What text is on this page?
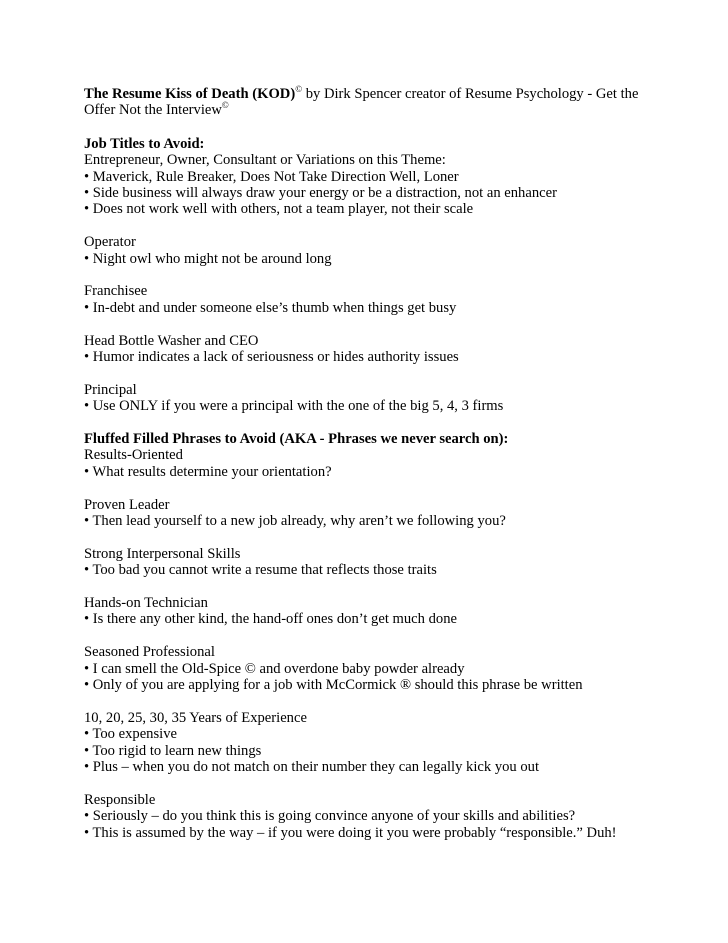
The Resume Kiss of Death (KOD)© by Dirk Spencer creator of Resume Psychology - Get the
Offer Not the Interview©

Job Titles to Avoid:

Entrepreneur, Owner, Consultant or Variations on this Theme:

• Maverick, Rule Breaker, Does Not Take Direction Well, Loner

• Side business will always draw your energy or be a distraction, not an enhancer

• Does not work well with others, not a team player, not their scale

Operator

• Night owl who might not be around long

Franchisee

• In-debt and under someone else’s thumb when things get busy

Head Bottle Washer and CEO

• Humor indicates a lack of seriousness or hides authority issues

Principal

• Use ONLY if you were a principal with the one of the big 5, 4, 3 firms

Fluffed Filled Phrases to Avoid (AKA - Phrases we never search on):

Results-Oriented

• What results determine your orientation?

Proven Leader

• Then lead yourself to a new job already, why aren’t we following you?

Strong Interpersonal Skills

• Too bad you cannot write a resume that reflects those traits

Hands-on Technician

• Is there any other kind, the hand-off ones don’t get much done

Seasoned Professional

• I can smell the Old-Spice © and overdone baby powder already

• Only of you are applying for a job with McCormick ® should this phrase be written

10, 20, 25, 30, 35 Years of Experience

• Too expensive

• Too rigid to learn new things

• Plus – when you do not match on their number they can legally kick you out

Responsible

• Seriously – do you think this is going convince anyone of your skills and abilities?

• This is assumed by the way – if you were doing it you were probably “responsible.” Duh!
